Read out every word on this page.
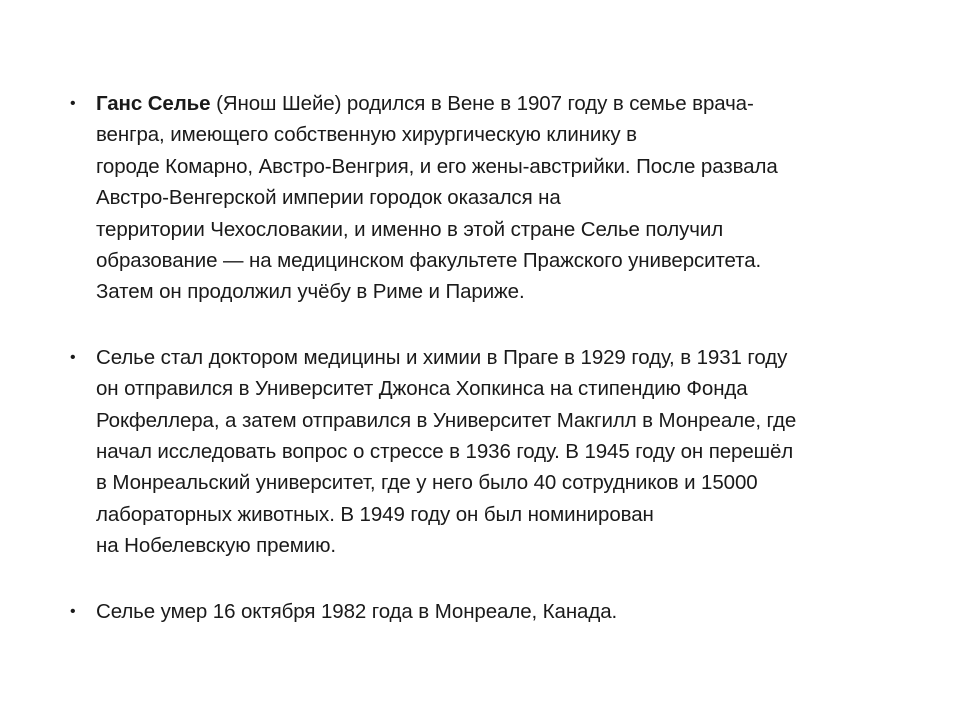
• Ганс Селье (Янош Шейе) родился в Вене в 1907 году в семье врача-
венгра, имеющего собственную хирургическую клинику в
городе Комарно, Австро-Венгрия, и его жены-австрийки. После развала
Австро-Венгерской империи городок оказался на
территории Чехословакии, и именно в этой стране Селье получил
образование — на медицинском факультете Пражского университета.
Затем он продолжил учёбу в Риме и Париже.
• Селье стал доктором медицины и химии в Праге в 1929 году, в 1931 году
он отправился в Университет Джонса Хопкинса на стипендию Фонда
Рокфеллера, а затем отправился в Университет Макгилл в Монреале, где
начал исследовать вопрос о стрессе в 1936 году. В 1945 году он перешёл
в Монреальский университет, где у него было 40 сотрудников и 15000
лабораторных животных. В 1949 году он был номинирован
на Нобелевскую премию.
• Селье умер 16 октября 1982 года в Монреале, Канада.
